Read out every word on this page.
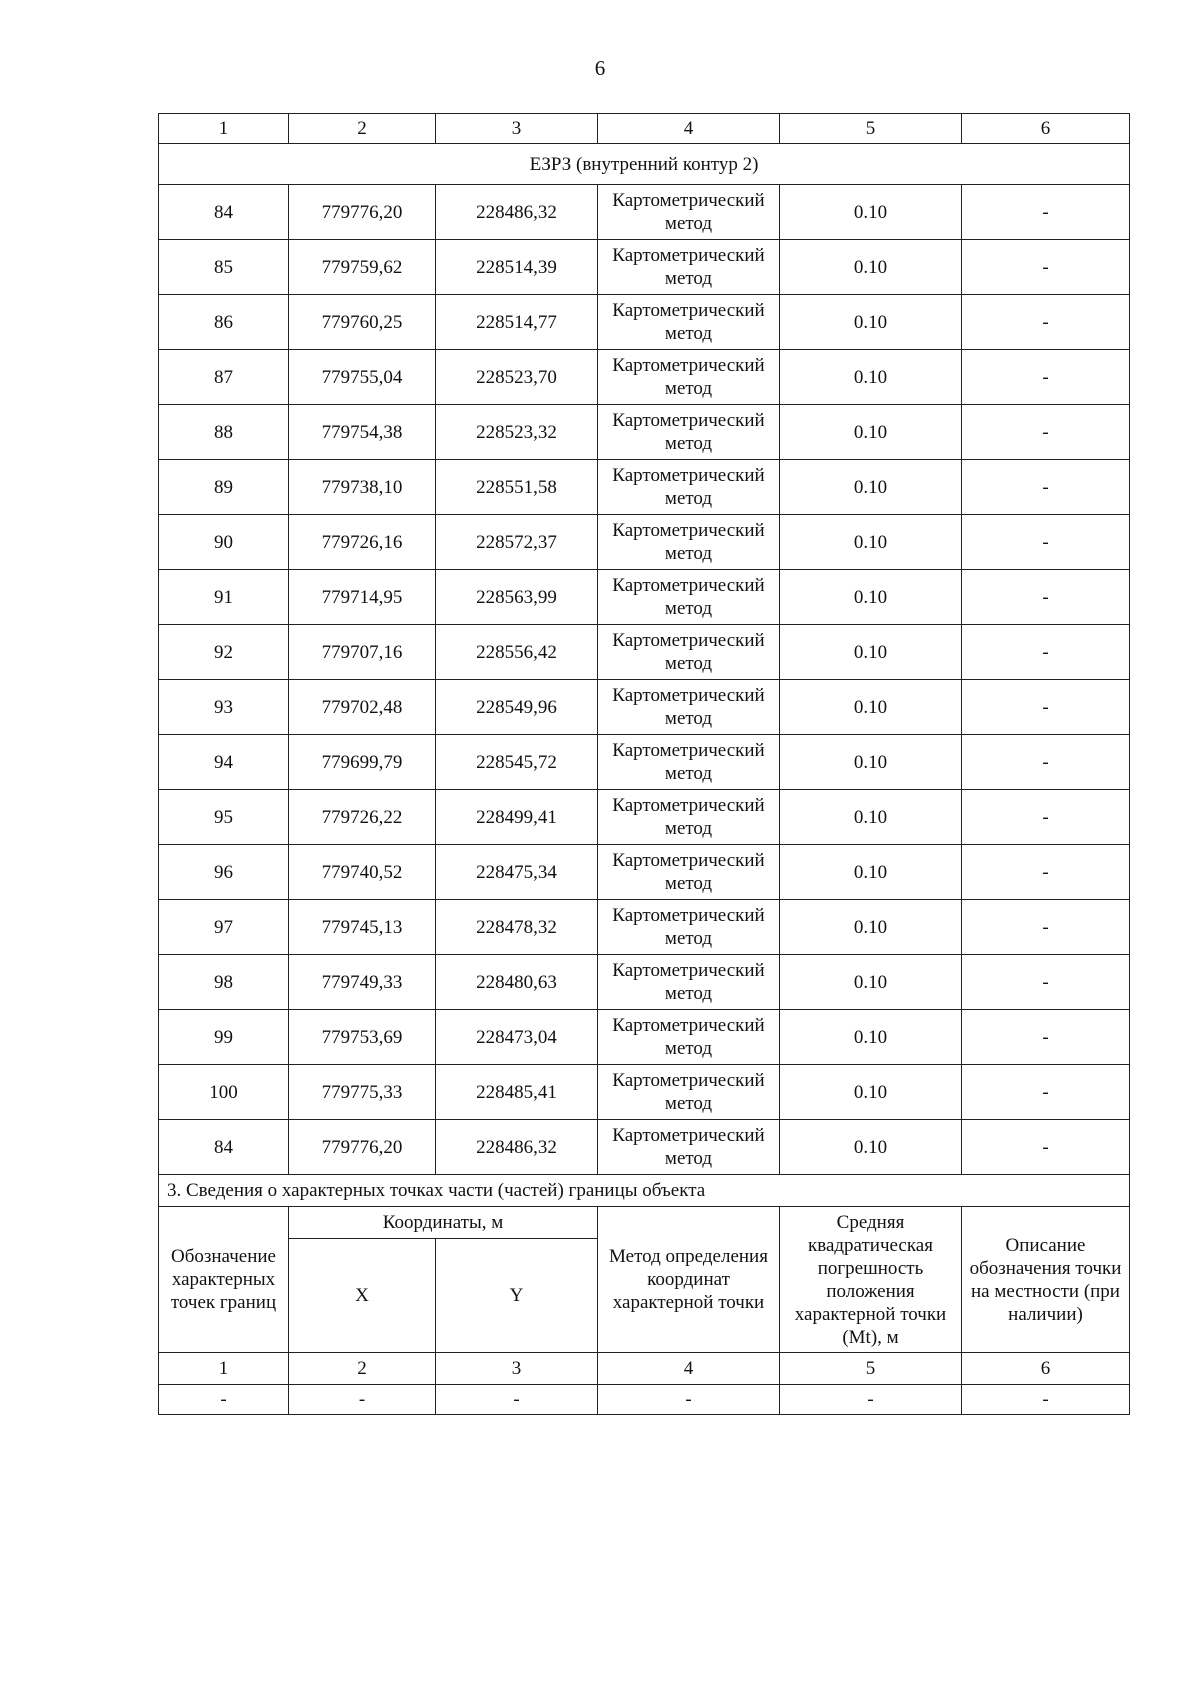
6
1	2	3	4	5	6
ЕЗРЗ (внутренний контур 2)					
84	779776,20	228486,32	Картометрический метод	0.10	-
85	779759,62	228514,39	Картометрический метод	0.10	-
86	779760,25	228514,77	Картометрический метод	0.10	-
87	779755,04	228523,70	Картометрический метод	0.10	-
88	779754,38	228523,32	Картометрический метод	0.10	-
89	779738,10	228551,58	Картометрический метод	0.10	-
90	779726,16	228572,37	Картометрический метод	0.10	-
91	779714,95	228563,99	Картометрический метод	0.10	-
92	779707,16	228556,42	Картометрический метод	0.10	-
93	779702,48	228549,96	Картометрический метод	0.10	-
94	779699,79	228545,72	Картометрический метод	0.10	-
95	779726,22	228499,41	Картометрический метод	0.10	-
96	779740,52	228475,34	Картометрический метод	0.10	-
97	779745,13	228478,32	Картометрический метод	0.10	-
98	779749,33	228480,63	Картометрический метод	0.10	-
99	779753,69	228473,04	Картометрический метод	0.10	-
100	779775,33	228485,41	Картометрический метод	0.10	-
84	779776,20	228486,32	Картометрический метод	0.10	-
3. Сведения о характерных точках части (частей) границы объекта					
Обозначение характерных точек границ	Координаты, м		Метод определения координат характерной точки	Средняя квадратическая погрешность положения характерной точки (Mt), м	Описание обозначения точки на местности (при наличии)
	X	Y			
1	2	3	4	5	6
-	-	-	-	-	-
